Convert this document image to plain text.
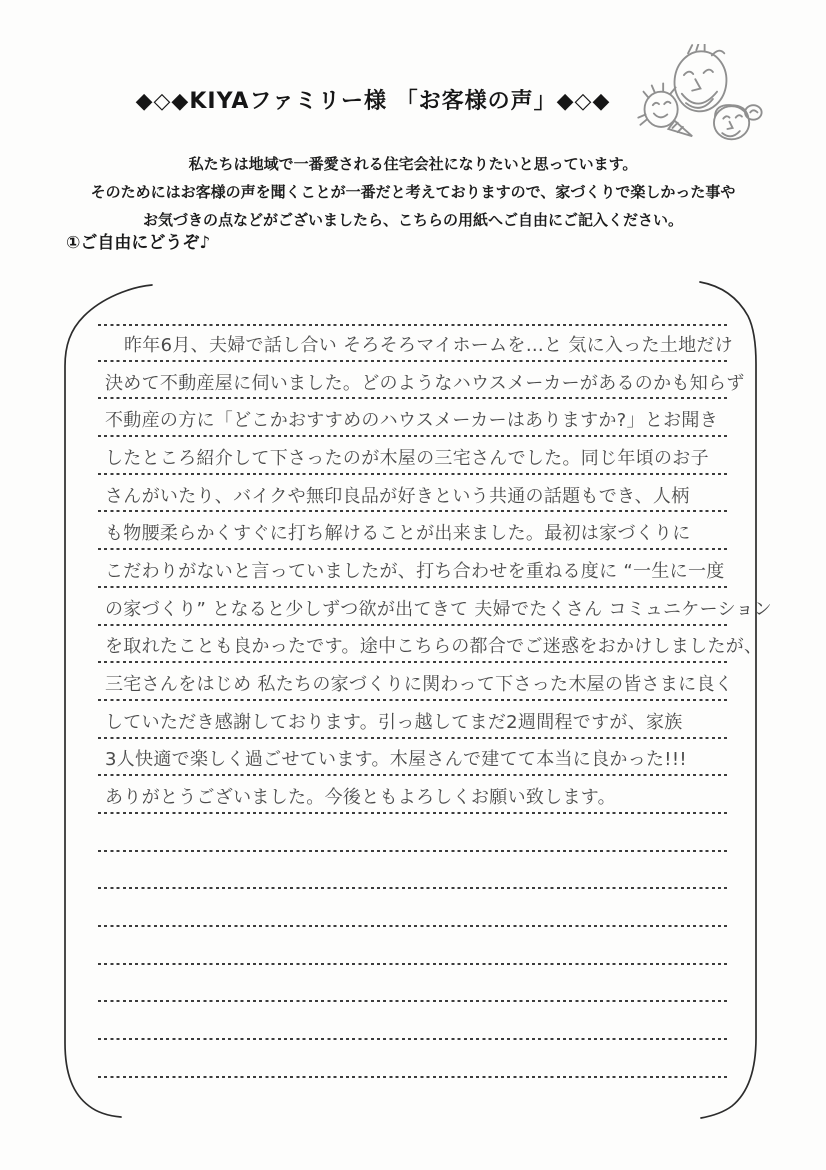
◆◇◆KIYAファミリー様 「お客様の声」◆◇◆
私たちは地域で一番愛される住宅会社になりたいと思っています。
そのためにはお客様の声を聞くことが一番だと考えておりますので、家づくりで楽しかった事や
お気づきの点などがございましたら、こちらの用紙へご自由にご記入ください。
①ご自由にどうぞ♪
昨年6月、夫婦で話し合い そろそろマイホームを…と 気に入った土地だけ
決めて不動産屋に伺いました。どのようなハウスメーカーがあるのかも知らず
不動産の方に「どこかおすすめのハウスメーカーはありますか?」とお聞き
したところ紹介して下さったのが木屋の三宅さんでした。同じ年頃のお子
さんがいたり、バイクや無印良品が好きという共通の話題もでき、人柄
も物腰柔らかくすぐに打ち解けることが出来ました。最初は家づくりに
こだわりがないと言っていましたが、打ち合わせを重ねる度に “一生に一度
の家づくり” となると少しずつ欲が出てきて 夫婦でたくさん コミュニケーション
を取れたことも良かったです。途中こちらの都合でご迷惑をおかけしましたが、
三宅さんをはじめ 私たちの家づくりに関わって下さった木屋の皆さまに良く
していただき感謝しております。引っ越してまだ2週間程ですが、家族
3人快適で楽しく過ごせています。木屋さんで建てて本当に良かった!!!
ありがとうございました。今後ともよろしくお願い致します。
